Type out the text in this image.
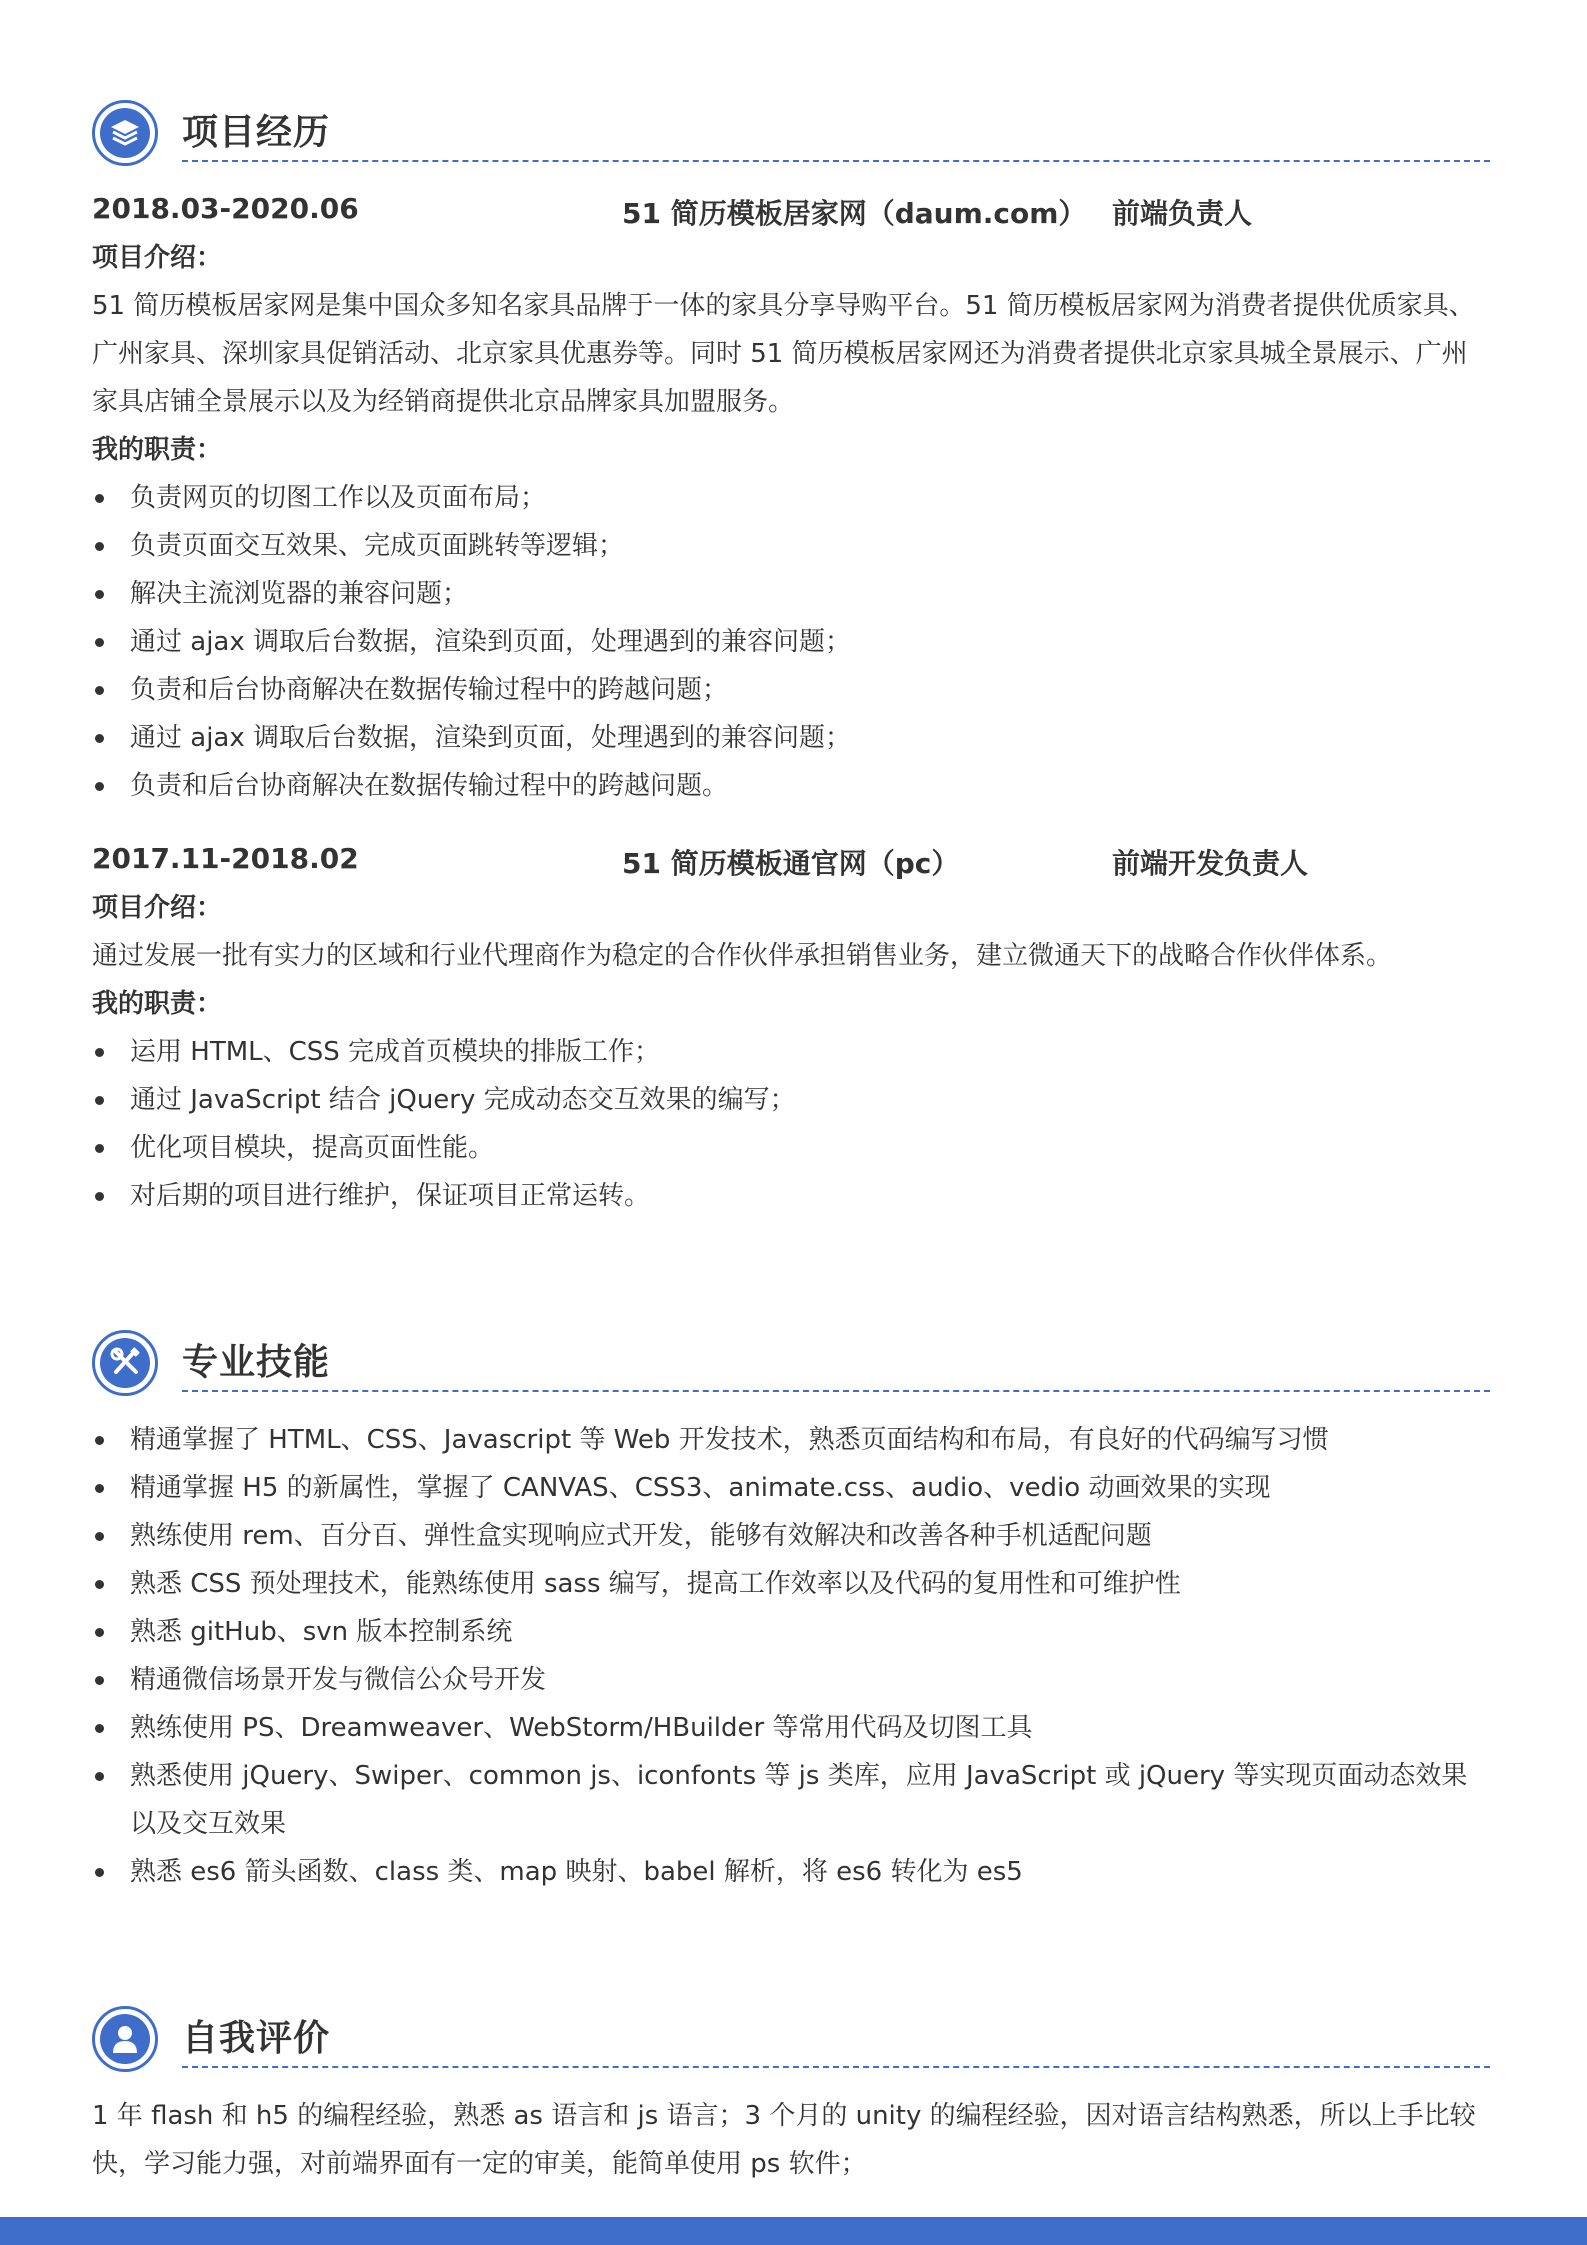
项目经历
2018.03-2020.06	51 简历模板居家网（daum.com） 前端负责人
项目介绍：
51 简历模板居家网是集中国众多知名家具品牌于一体的家具分享导购平台。51 简历模板居家网为消费者提供优质家具、广州家具、深圳家具促销活动、北京家具优惠券等。同时 51 简历模板居家网还为消费者提供北京家具城全景展示、广州家具店铺全景展示以及为经销商提供北京品牌家具加盟服务。
我的职责：
负责网页的切图工作以及页面布局；
负责页面交互效果、完成页面跳转等逻辑；
解决主流浏览器的兼容问题；
通过 ajax 调取后台数据，渲染到页面，处理遇到的兼容问题；
负责和后台协商解决在数据传输过程中的跨越问题；
通过 ajax 调取后台数据，渲染到页面，处理遇到的兼容问题；
负责和后台协商解决在数据传输过程中的跨越问题。
2017.11-2018.02	51 简历模板通官网（pc）	前端开发负责人
项目介绍：
通过发展一批有实力的区域和行业代理商作为稳定的合作伙伴承担销售业务，建立微通天下的战略合作伙伴体系。
我的职责：
运用 HTML、CSS 完成首页模块的排版工作；
通过 JavaScript 结合 jQuery 完成动态交互效果的编写；
优化项目模块，提高页面性能。
对后期的项目进行维护，保证项目正常运转。
专业技能
精通掌握了 HTML、CSS、Javascript 等 Web 开发技术，熟悉页面结构和布局，有良好的代码编写习惯
精通掌握 H5 的新属性，掌握了 CANVAS、CSS3、animate.css、audio、vedio 动画效果的实现
熟练使用 rem、百分百、弹性盒实现响应式开发，能够有效解决和改善各种手机适配问题
熟悉 CSS 预处理技术，能熟练使用 sass 编写，提高工作效率以及代码的复用性和可维护性
熟悉 gitHub、svn 版本控制系统
精通微信场景开发与微信公众号开发
熟练使用 PS、Dreamweaver、WebStorm/HBuilder 等常用代码及切图工具
熟悉使用 jQuery、Swiper、common js、iconfonts 等 js 类库，应用 JavaScript 或 jQuery 等实现页面动态效果以及交互效果
熟悉 es6 箭头函数、class 类、map 映射、babel 解析，将 es6 转化为 es5
自我评价
1 年 flash 和 h5 的编程经验，熟悉 as 语言和 js 语言；3 个月的 unity 的编程经验，因对语言结构熟悉，所以上手比较快，学习能力强，对前端界面有一定的审美，能简单使用 ps 软件；
